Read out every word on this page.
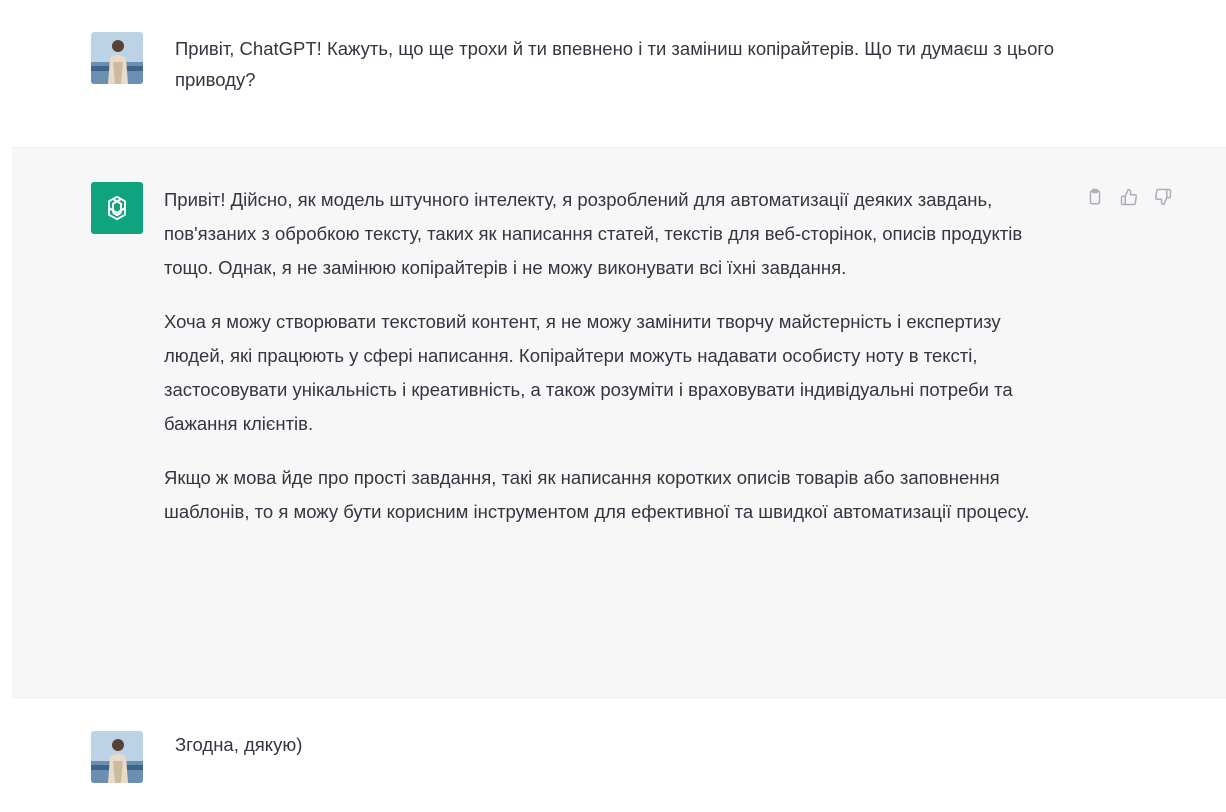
Привіт, ChatGPT! Кажуть, що ще трохи й ти впевнено і ти заміниш копірайтерів. Що ти думаєш з цього приводу?

Привіт! Дійсно, як модель штучного інтелекту, я розроблений для автоматизації деяких завдань, пов'язаних з обробкою тексту, таких як написання статей, текстів для веб-сторінок, описів продуктів тощо. Однак, я не замінюю копірайтерів і не можу виконувати всі їхні завдання.

Хоча я можу створювати текстовий контент, я не можу замінити творчу майстерність і експертизу людей, які працюють у сфері написання. Копірайтери можуть надавати особисту ноту в тексті, застосовувати унікальність і креативність, а також розуміти і враховувати індивідуальні потреби та бажання клієнтів.

Якщо ж мова йде про прості завдання, такі як написання коротких описів товарів або заповнення шаблонів, то я можу бути корисним інструментом для ефективної та швидкої автоматизації процесу.

Згодна, дякую)
